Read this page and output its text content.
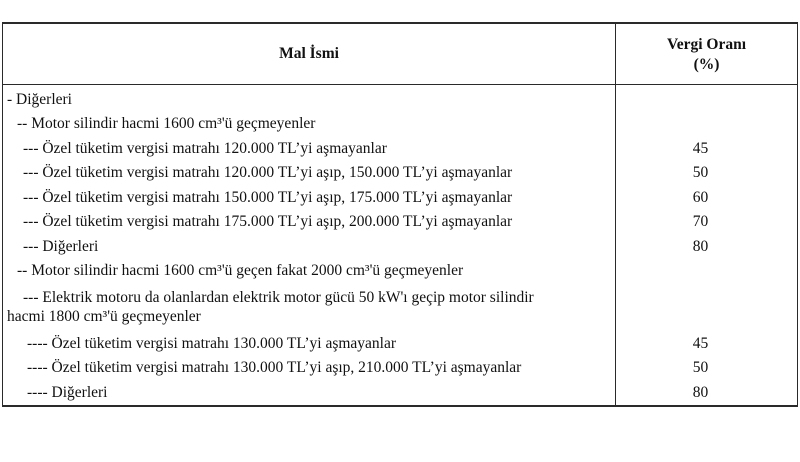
Mal İsmi	Vergi Oranı
(%)
- Diğerleri	
-- Motor silindir hacmi 1600 cm³'ü geçmeyenler	
--- Özel tüketim vergisi matrahı 120.000 TL’yi aşmayanlar	45
--- Özel tüketim vergisi matrahı 120.000 TL’yi aşıp, 150.000 TL’yi aşmayanlar	50
--- Özel tüketim vergisi matrahı 150.000 TL’yi aşıp, 175.000 TL’yi aşmayanlar	60
--- Özel tüketim vergisi matrahı 175.000 TL’yi aşıp, 200.000 TL’yi aşmayanlar	70
--- Diğerleri	80
-- Motor silindir hacmi 1600 cm³'ü geçen fakat 2000 cm³'ü geçmeyenler	

--- Elektrik motoru da olanlardan elektrik motor gücü 50 kW'ı geçip motor silindir
hacmi 1800 cm³'ü geçmeyenler	

---- Özel tüketim vergisi matrahı 130.000 TL’yi aşmayanlar	45
---- Özel tüketim vergisi matrahı 130.000 TL’yi aşıp, 210.000 TL’yi aşmayanlar	50
---- Diğerleri	80
